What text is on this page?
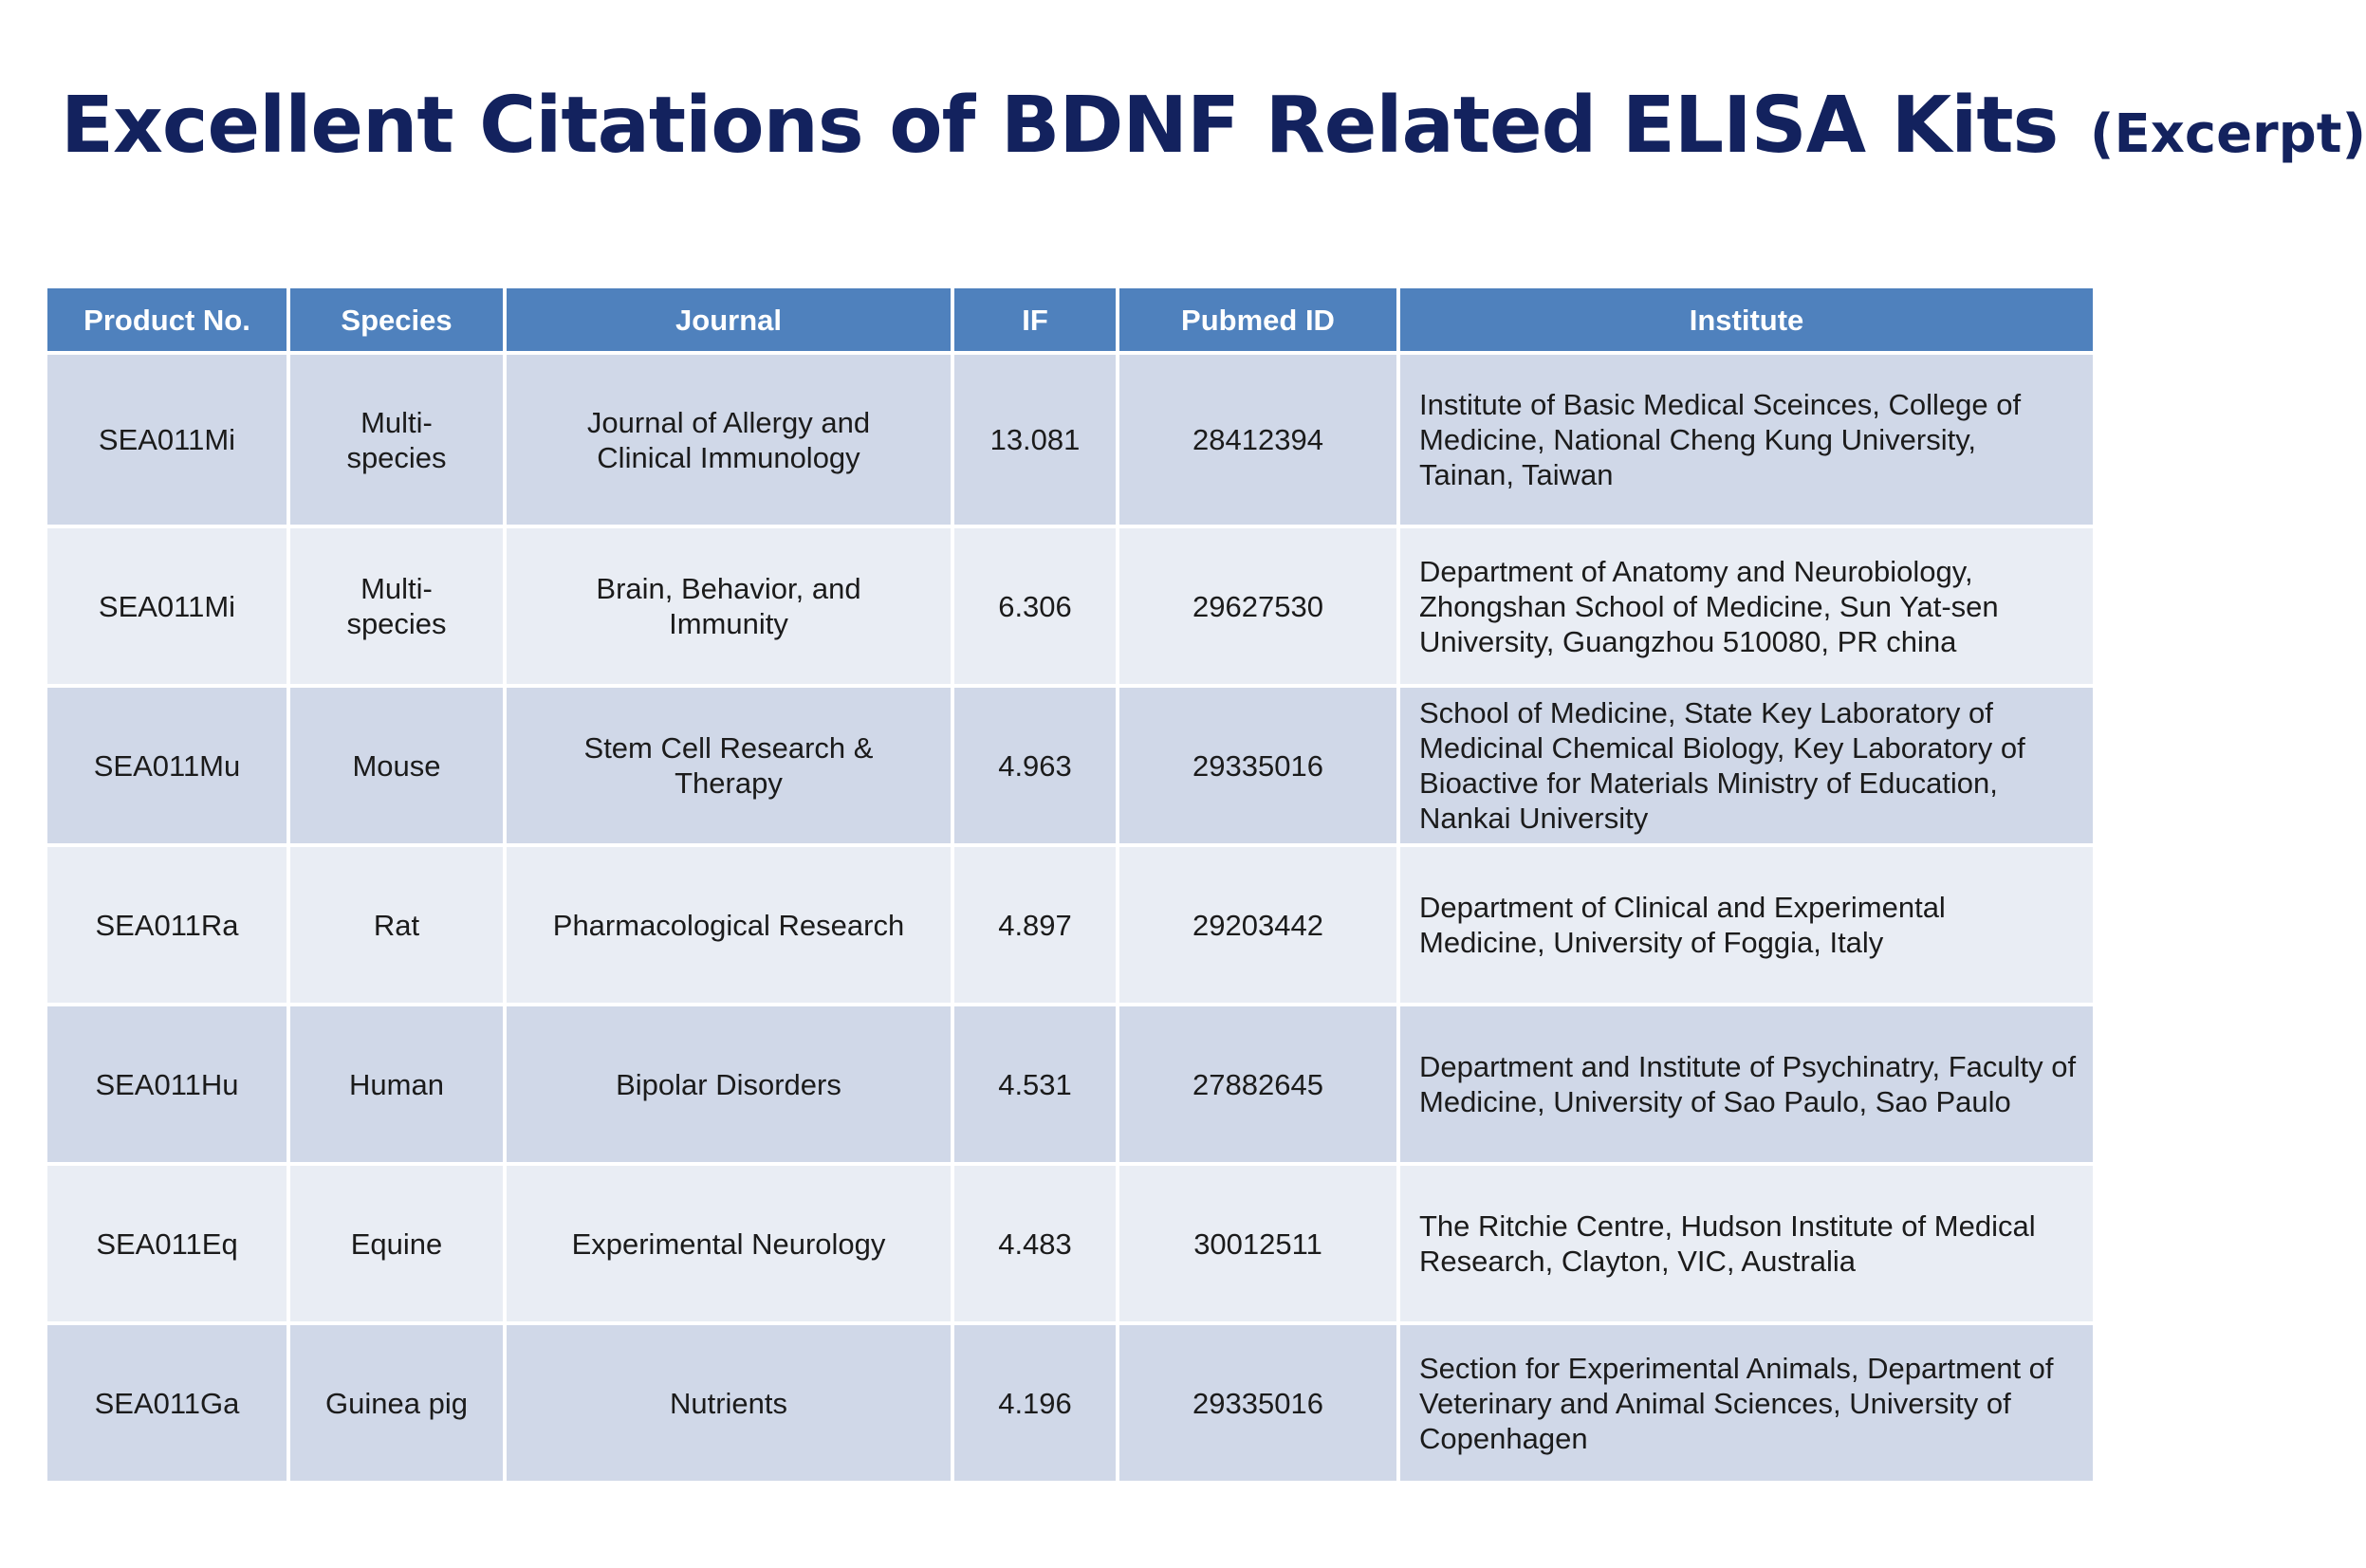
Excellent Citations of BDNF Related ELISA Kits (Excerpt)
Product No.	Species	Journal	IF	Pubmed ID	Institute
SEA011Mi	Multi-species	Journal of Allergy and Clinical Immunology	13.081	28412394	Institute of Basic Medical Sceinces, College of Medicine, National Cheng Kung University, Tainan, Taiwan
SEA011Mi	Multi-species	Brain, Behavior, and Immunity	6.306	29627530	Department of Anatomy and Neurobiology, Zhongshan School of Medicine, Sun Yat-sen University, Guangzhou 510080, PR china
SEA011Mu	Mouse	Stem Cell Research & Therapy	4.963	29335016	School of Medicine, State Key Laboratory of Medicinal Chemical Biology, Key Laboratory of Bioactive for Materials Ministry of Education, Nankai University
SEA011Ra	Rat	Pharmacological Research	4.897	29203442	Department of Clinical and Experimental Medicine, University of Foggia, Italy
SEA011Hu	Human	Bipolar Disorders	4.531	27882645	Department and Institute of Psychinatry, Faculty of Medicine, University of Sao Paulo, Sao Paulo
SEA011Eq	Equine	Experimental Neurology	4.483	30012511	The Ritchie Centre, Hudson Institute of Medical Research, Clayton, VIC, Australia
SEA011Ga	Guinea pig	Nutrients	4.196	29335016	Section for Experimental Animals, Department of Veterinary and Animal Sciences, University of Copenhagen
